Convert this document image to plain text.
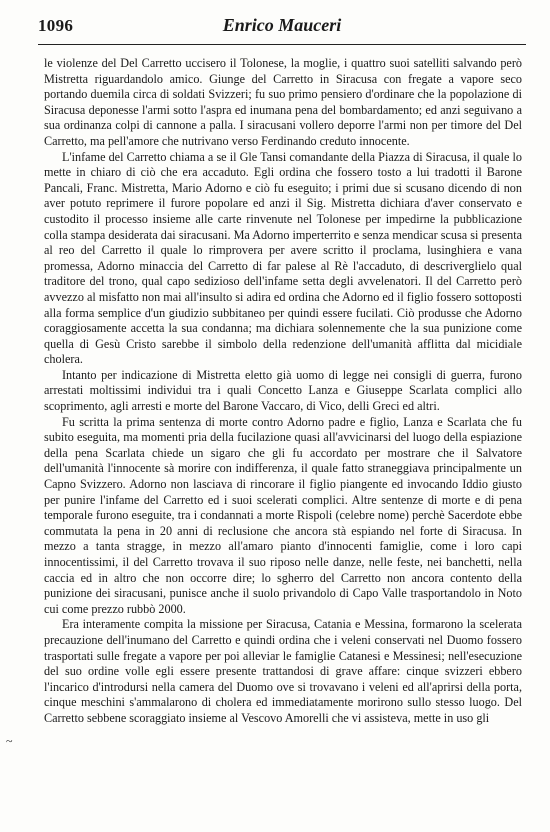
1096	Enrico Mauceri

le violenze del Del Carretto uccisero il Tolonese, la moglie, i quattro suoi satelliti salvando però Mistretta riguardandolo amico. Giunge del Carretto in Siracusa con fregate a vapore seco portando duemila circa di soldati Svizzeri; fu suo primo pensiero d'ordinare che la popolazione di Siracusa deponesse l'armi sotto l'aspra ed inumana pena del bombardamento; ed anzi seguivano a sua ordinanza colpi di cannone a palla. I siracusani vollero deporre l'armi non per timore del Del Carretto, ma pell'amore che nutrivano verso Ferdinando creduto innocente.

L'infame del Carretto chiama a se il Gle Tansi comandante della Piazza di Siracusa, il quale lo mette in chiaro di ciò che era accaduto. Egli ordina che fossero tosto a lui tradotti il Barone Pancali, Franc. Mistretta, Mario Adorno e ciò fu eseguito; i primi due si scusano dicendo di non aver potuto reprimere il furore popolare ed anzi il Sig. Mistretta dichiara d'aver conservato e custodito il processo insieme alle carte rinvenute nel Tolonese per impedirne la pubblicazione colla stampa desiderata dai siracusani. Ma Adorno imperterrito e senza mendicar scusa si presenta al reo del Carretto il quale lo rimprovera per avere scritto il proclama, lusinghiera e vana promessa, Adorno minaccia del Carretto di far palese al Rè l'accaduto, di descriverglielo qual traditore del trono, qual capo sedizioso dell'infame setta degli avvelenatori. Il del Carretto però avvezzo al misfatto non mai all'insulto si adira ed ordina che Adorno ed il figlio fossero sottoposti alla forma semplice d'un giudizio subbitaneo per quindi essere fucilati. Ciò produsse che Adorno coraggiosamente accetta la sua condanna; ma dichiara solennemente che la sua punizione come quella di Gesù Cristo sarebbe il simbolo della redenzione dell'umanità afflitta dal micidiale cholera.

Intanto per indicazione di Mistretta eletto già uomo di legge nei consigli di guerra, furono arrestati moltissimi individui tra i quali Concetto Lanza e Giuseppe Scarlata complici allo scoprimento, agli arresti e morte del Barone Vaccaro, di Vico, delli Greci ed altri.

Fu scritta la prima sentenza di morte contro Adorno padre e figlio, Lanza e Scarlata che fu subito eseguita, ma momenti pria della fucilazione quasi all'avvicinarsi del luogo della espiazione della pena Scarlata chiede un sigaro che gli fu accordato per mostrare che il Salvatore dell'umanità l'innocente sà morire con indifferenza, il quale fatto straneggiava principalmente un Capno Svizzero. Adorno non lasciava di rincorare il figlio piangente ed invocando Iddio giusto per punire l'infame del Carretto ed i suoi scelerati complici. Altre sentenze di morte e di pena temporale furono eseguite, tra i condannati a morte Rispoli (celebre nome) perchè Sacerdote ebbe commutata la pena in 20 anni di reclusione che ancora stà espiando nel forte di Siracusa. In mezzo a tanta stragge, in mezzo all'amaro pianto d'innocenti famiglie, come i loro capi innocentissimi, il del Carretto trovava il suo riposo nelle danze, nelle feste, nei banchetti, nella caccia ed in altro che non occorre dire; lo sgherro del Carretto non ancora contento della punizione dei siracusani, punisce anche il suolo privandolo di Capo Valle trasportandolo in Noto cui come prezzo rubbò 2000.

Era interamente compita la missione per Siracusa, Catania e Messina, formarono la scelerata precauzione dell'inumano del Carretto e quindi ordina che i veleni conservati nel Duomo fossero trasportati sulle fregate a vapore per poi alleviar le famiglie Catanesi e Messinesi; nell'esecuzione del suo ordine volle egli essere presente trattandosi di grave affare: cinque svizzeri ebbero l'incarico d'introdursi nella camera del Duomo ove si trovavano i veleni ed all'aprirsi della porta, cinque meschini s'ammalarono di cholera ed immediatamente morirono sullo stesso luogo. Del Carretto sebbene scoraggiato insieme al Vescovo Amorelli che vi assisteva, mette in uso gli

~
